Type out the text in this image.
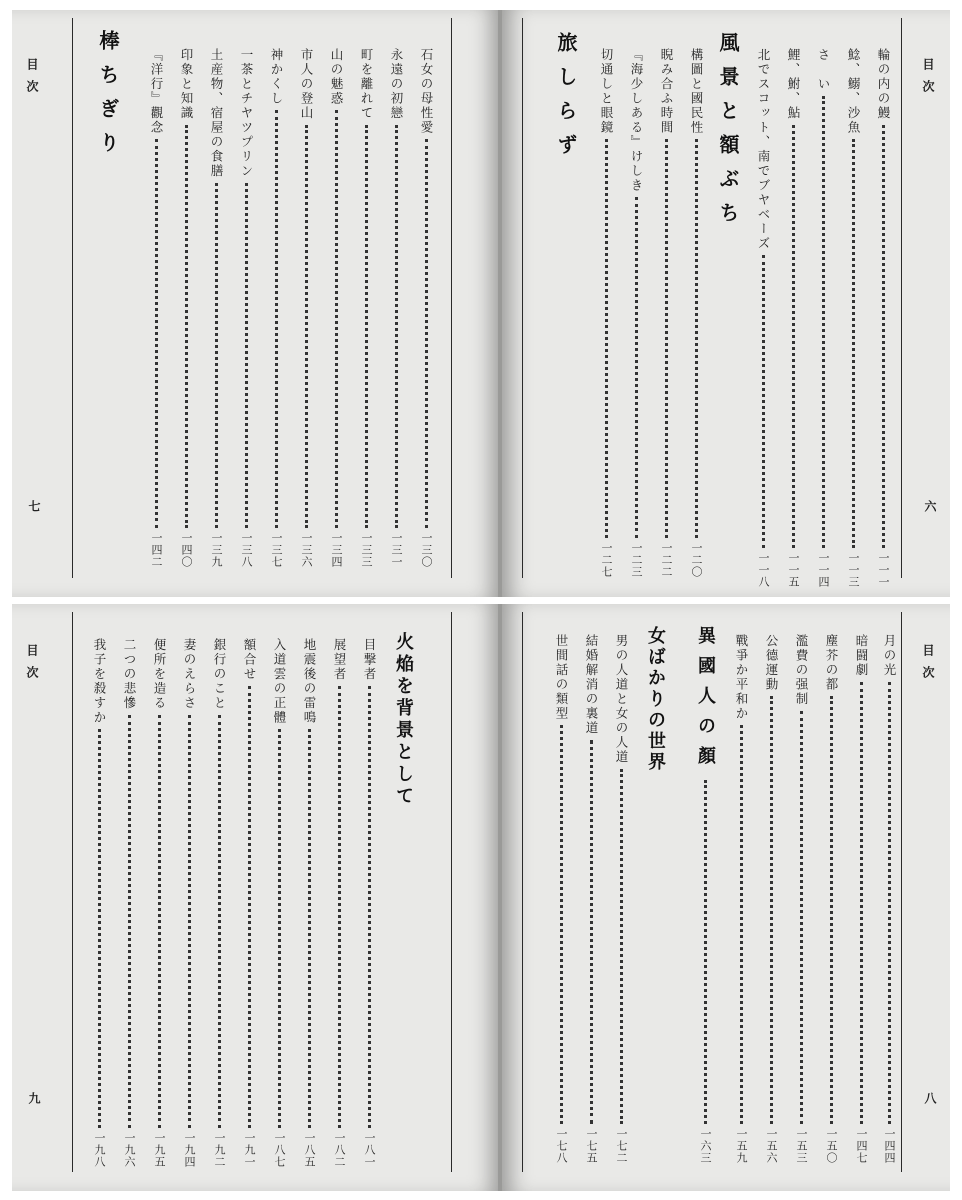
目次
七
棒ちぎり 『洋行』觀念
一四二
印象と知識
一四〇
土産物、宿屋の食膳
一三九
一茶とチヤツプリン
一三八
神かくし
一三七
市人の登山
一三六
山の魅惑
一三四
町を離れて
一三三
永遠の初戀
一三一
石女の母性愛
一三〇
目次
六
旅しらず 切通しと眼鏡
一二七
『海少しある』けしき
一二三
睨み合ふ時間
一二二
構圖と國民性
一二〇
風景と額ぶち 北でスコット、南でブヤベーズ
一一八
鯉、鮒、鮎
一一五
さ　い
一一四
鯰、鰯、沙魚
一一三
輪の内の鰻
一一一
目次
九
我子を殺すか
一九八
二つの悲慘
一九六
便所を造る
一九五
妻のえらさ
一九四
銀行のこと
一九二
額合せ
一九一
入道雲の正體
一八七
地震後の雷鳴
一八五
展望者
一八二
目撃者
一八一
火焔を背景として	目次
八
世間話の類型
一七八
結婚解消の裏道
一七五
男の人道と女の人道
一七二
女ばかりの世界 異國人の顏
一六三
戰爭か平和か
一五九
公德運動
一五六
濫費の强制
一五三
塵芥の都
一五〇
暗闘劇
一四七
月の光
一四四
